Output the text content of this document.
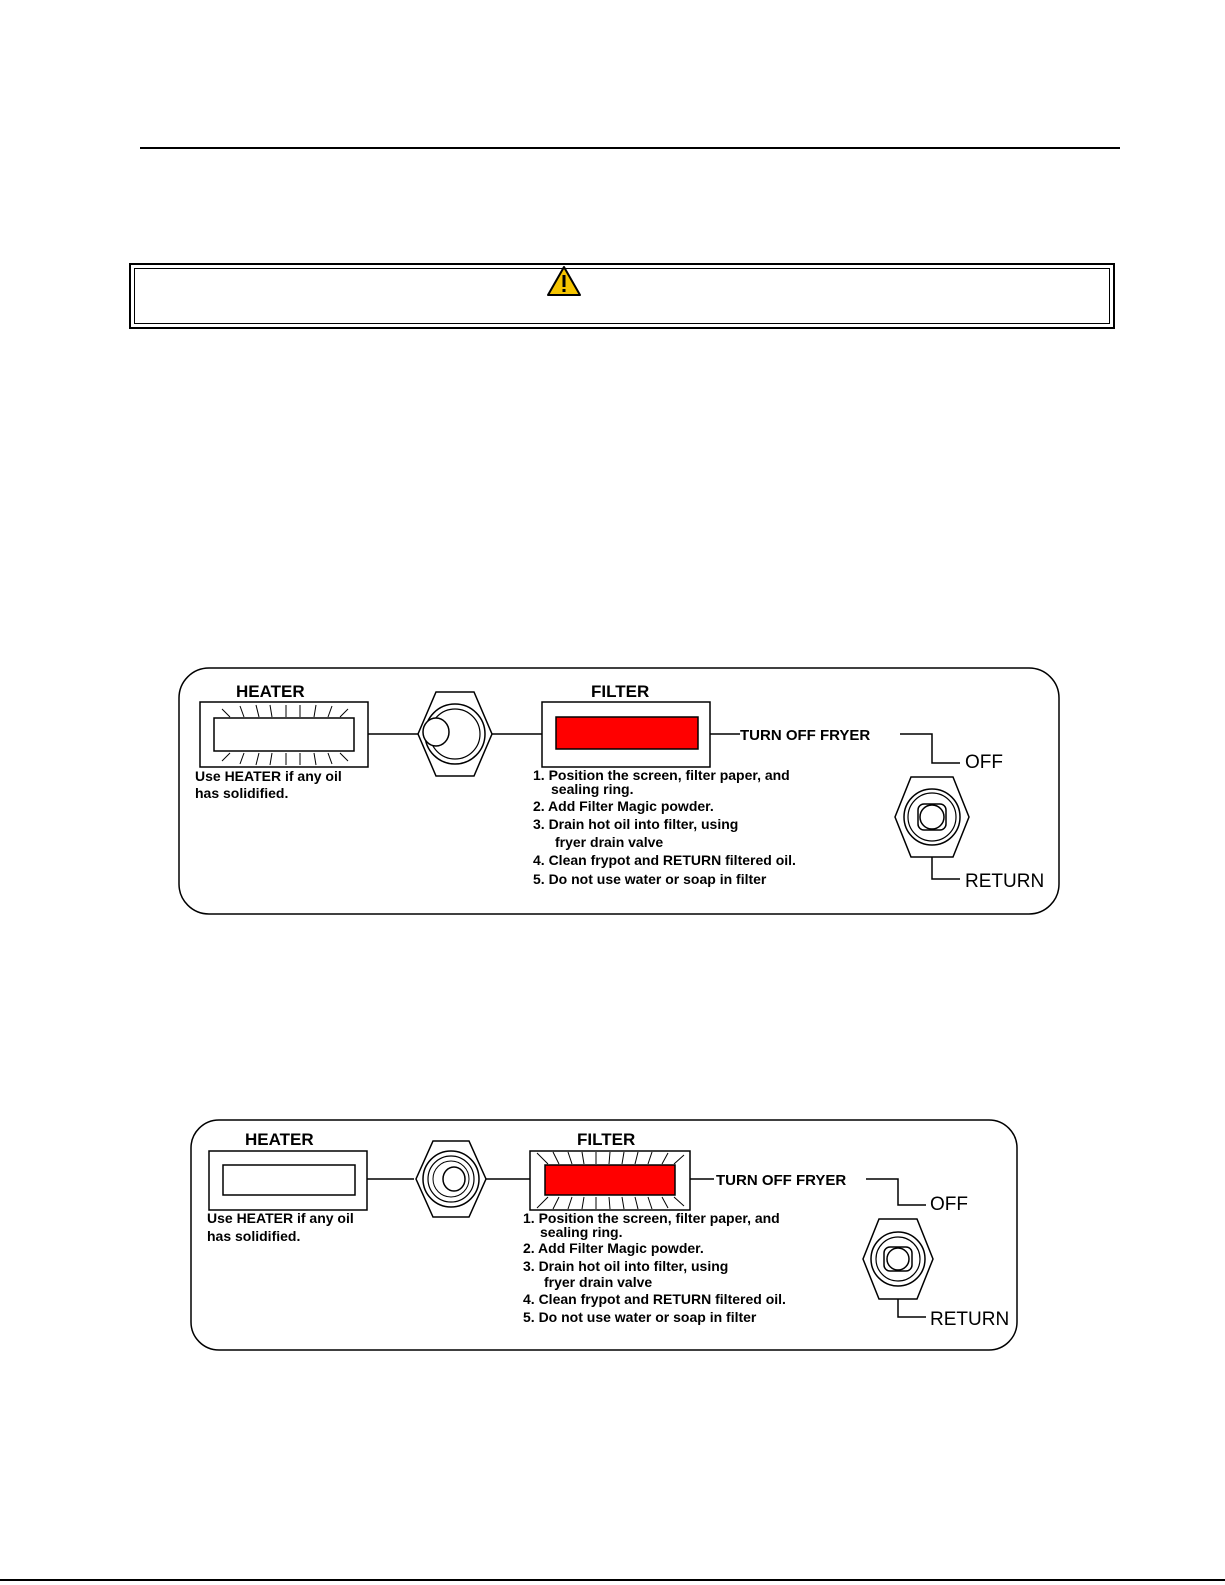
HEATER	FILTER
TURN OFF FRYER
OFF
RETURN
Use HEATER if any oil
has solidified.
1. Position the screen, filter paper, and
sealing ring.
2. Add Filter Magic powder.
3. Drain hot oil into filter, using
fryer drain valve
4. Clean frypot and RETURN filtered oil.
5. Do not use water or soap in filter
HEATER	FILTER
TURN OFF FRYER
OFF
RETURN
Use HEATER if any oil
has solidified.
1. Position the screen, filter paper, and
sealing ring.
2. Add Filter Magic powder.
3. Drain hot oil into filter, using
fryer drain valve
4. Clean frypot and RETURN filtered oil.
5. Do not use water or soap in filter
